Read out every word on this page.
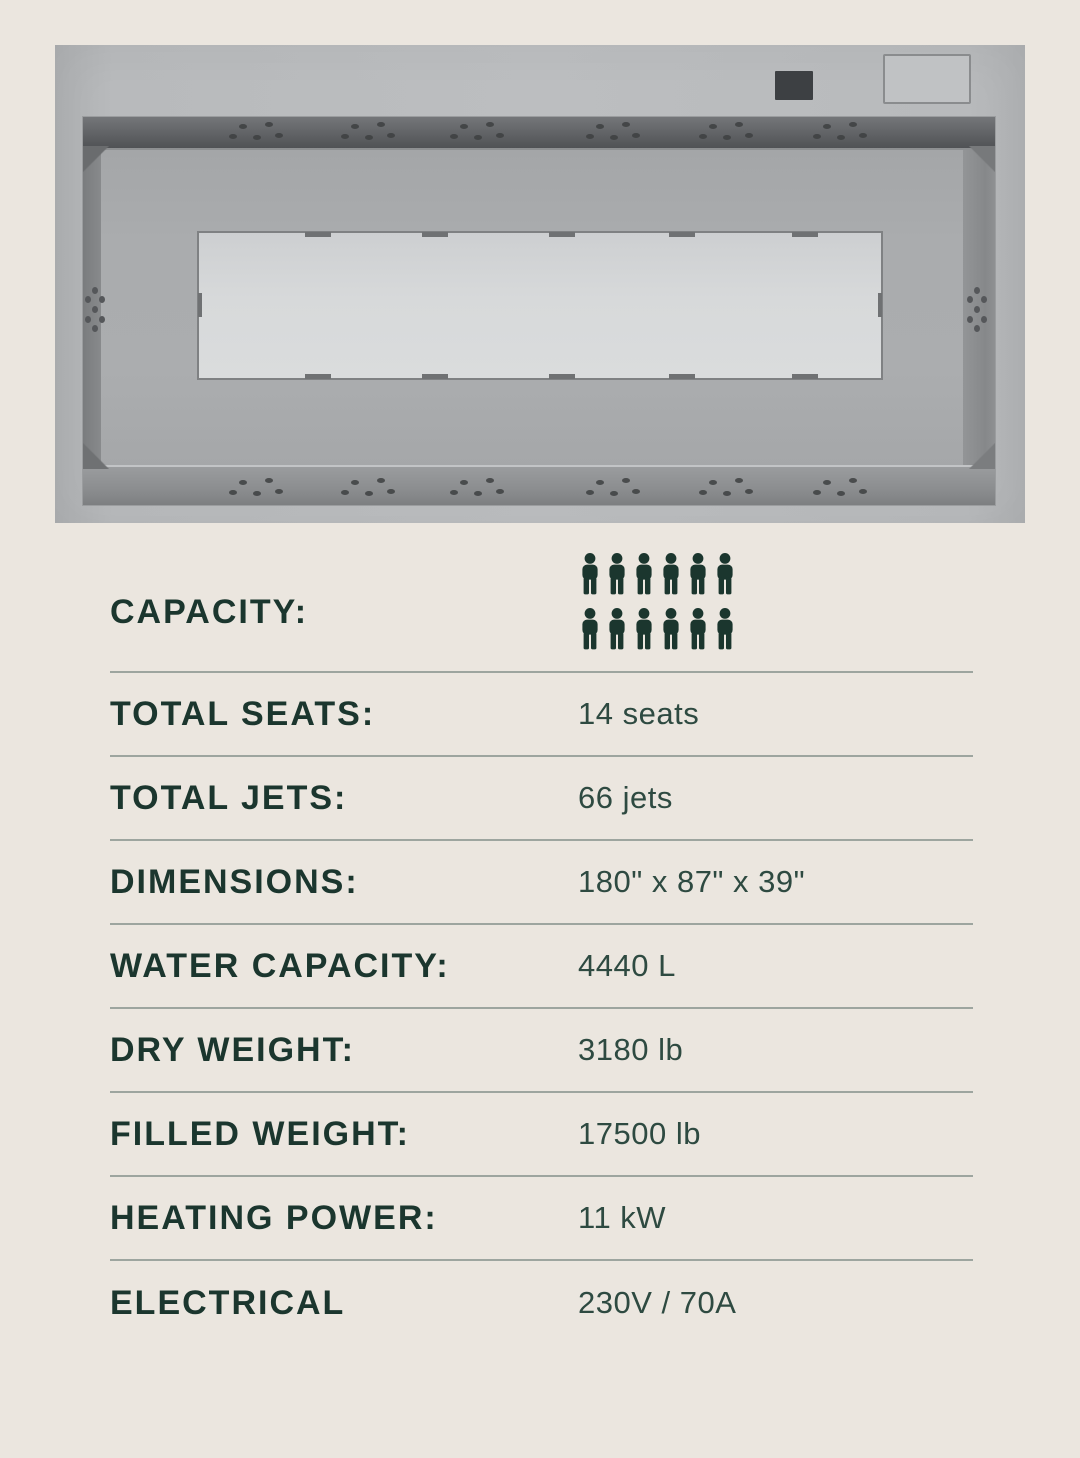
CAPACITY:
TOTAL SEATS:	14 seats
TOTAL JETS:	66 jets
DIMENSIONS:	180" x 87" x 39"
WATER CAPACITY:	4440 L
DRY WEIGHT:	3180 lb
FILLED WEIGHT:	17500 lb
HEATING POWER:	11 kW
ELECTRICAL	230V / 70A
